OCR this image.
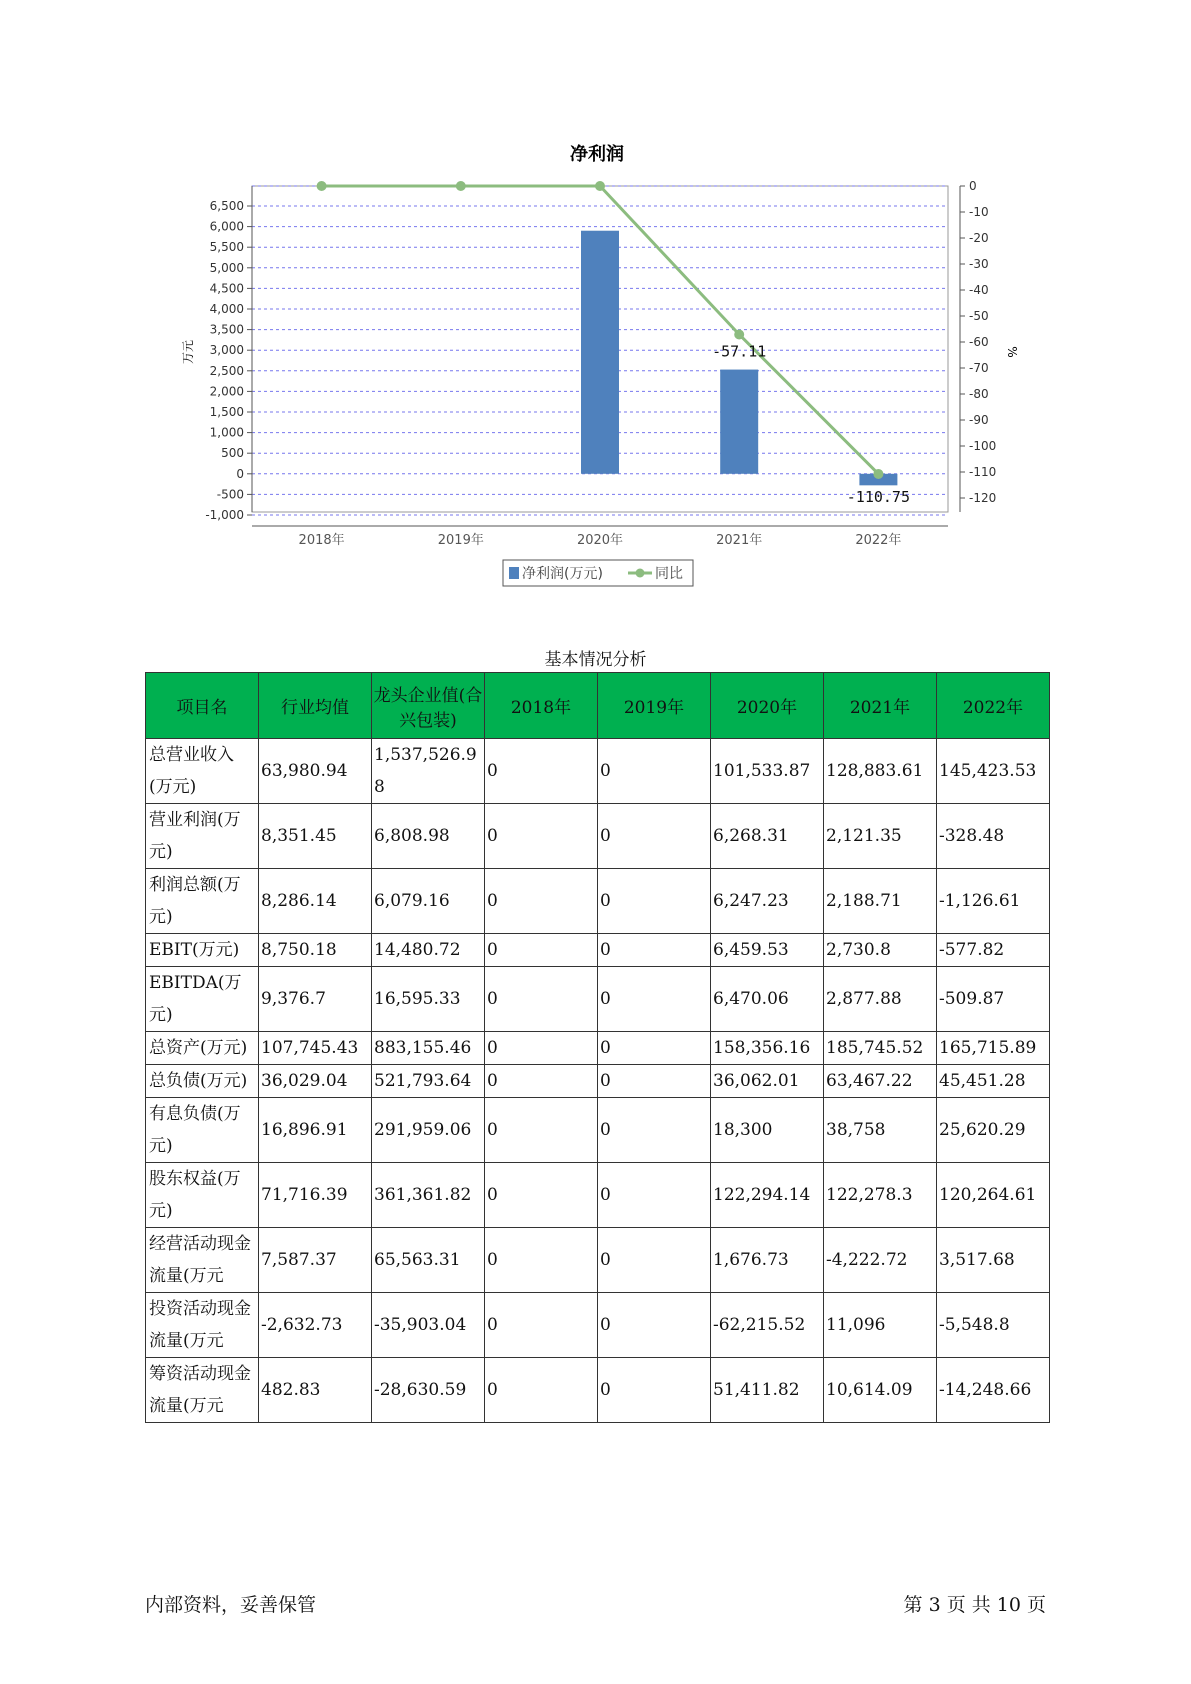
净利润
6,500
6,000
5,500
5,000
4,500
4,000
3,500
3,000
2,500
2,000
1,500
1,000
500
0
-500
-1,000
0
-10
-20
-30
-40
-50
-60
-70
-80
-90
-100
-110
-120
-57.11
-110.75
2018年	2019年	2020年	2021年	2022年
万元	%
净利润(万元)	同比
基本情况分析
项目名	行业均值	龙头企业值(合兴包装)	2018年	2019年	2020年	2021年	2022年
总营业收入(万元)	63,980.94	1,537,526.98	0	0	101,533.87	128,883.61	145,423.53
营业利润(万元)	8,351.45	6,808.98	0	0	6,268.31	2,121.35	-328.48
利润总额(万元)	8,286.14	6,079.16	0	0	6,247.23	2,188.71	-1,126.61
EBIT(万元)	8,750.18	14,480.72	0	0	6,459.53	2,730.8	-577.82
EBITDA(万元)	9,376.7	16,595.33	0	0	6,470.06	2,877.88	-509.87
总资产(万元)	107,745.43	883,155.46	0	0	158,356.16	185,745.52	165,715.89
总负债(万元)	36,029.04	521,793.64	0	0	36,062.01	63,467.22	45,451.28
有息负债(万元)	16,896.91	291,959.06	0	0	18,300	38,758	25,620.29
股东权益(万元)	71,716.39	361,361.82	0	0	122,294.14	122,278.3	120,264.61
经营活动现金流量(万元	7,587.37	65,563.31	0	0	1,676.73	-4,222.72	3,517.68
投资活动现金流量(万元	-2,632.73	-35,903.04	0	0	-62,215.52	11,096	-5,548.8
筹资活动现金流量(万元	482.83	-28,630.59	0	0	51,411.82	10,614.09	-14,248.66
内部资料，妥善保管	第 3 页 共 10 页
